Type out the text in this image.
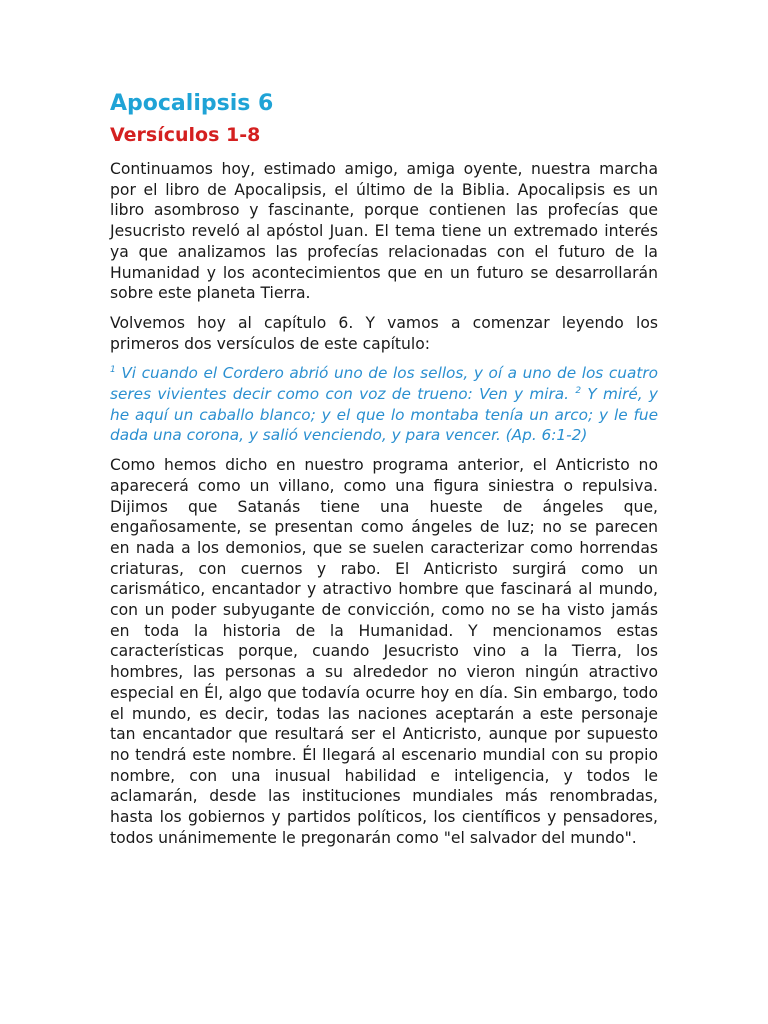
Apocalipsis 6
Versículos 1-8

Continuamos hoy, estimado amigo, amiga oyente, nuestra marcha por el libro de Apocalipsis, el último de la Biblia. Apocalipsis es un libro asombroso y fascinante, porque contienen las profecías que Jesucristo reveló al apóstol Juan. El tema tiene un extremado interés ya que analizamos las profecías relacionadas con el futuro de la Humanidad y los acontecimientos que en un futuro se desarrollarán sobre este planeta Tierra.

Volvemos hoy al capítulo 6. Y vamos a comenzar leyendo los primeros dos versículos de este capítulo:

$^1$ Vi cuando el Cordero abrió uno de los sellos, y oí a uno de los cuatro seres vivientes decir como con voz de trueno: Ven y mira. $^2$ Y miré, y he aquí un caballo blanco; y el que lo montaba tenía un arco; y le fue dada una corona, y salió venciendo, y para vencer. (Ap. 6:1-2)

Como hemos dicho en nuestro programa anterior, el Anticristo no aparecerá como un villano, como una figura siniestra o repulsiva. Dijimos que Satanás tiene una hueste de ángeles que, engañosamente, se presentan como ángeles de luz; no se parecen en nada a los demonios, que se suelen caracterizar como horrendas criaturas, con cuernos y rabo. El Anticristo surgirá como un carismático, encantador y atractivo hombre que fascinará al mundo, con un poder subyugante de convicción, como no se ha visto jamás en toda la historia de la Humanidad. Y mencionamos estas características porque, cuando Jesucristo vino a la Tierra, los hombres, las personas a su alrededor no vieron ningún atractivo especial en Él, algo que todavía ocurre hoy en día. Sin embargo, todo el mundo, es decir, todas las naciones aceptarán a este personaje tan encantador que resultará ser el Anticristo, aunque por supuesto no tendrá este nombre. Él llegará al escenario mundial con su propio nombre, con una inusual habilidad e inteligencia, y todos le aclamarán, desde las instituciones mundiales más renombradas, hasta los gobiernos y partidos políticos, los científicos y pensadores, todos unánimemente le pregonarán como "el salvador del mundo".
